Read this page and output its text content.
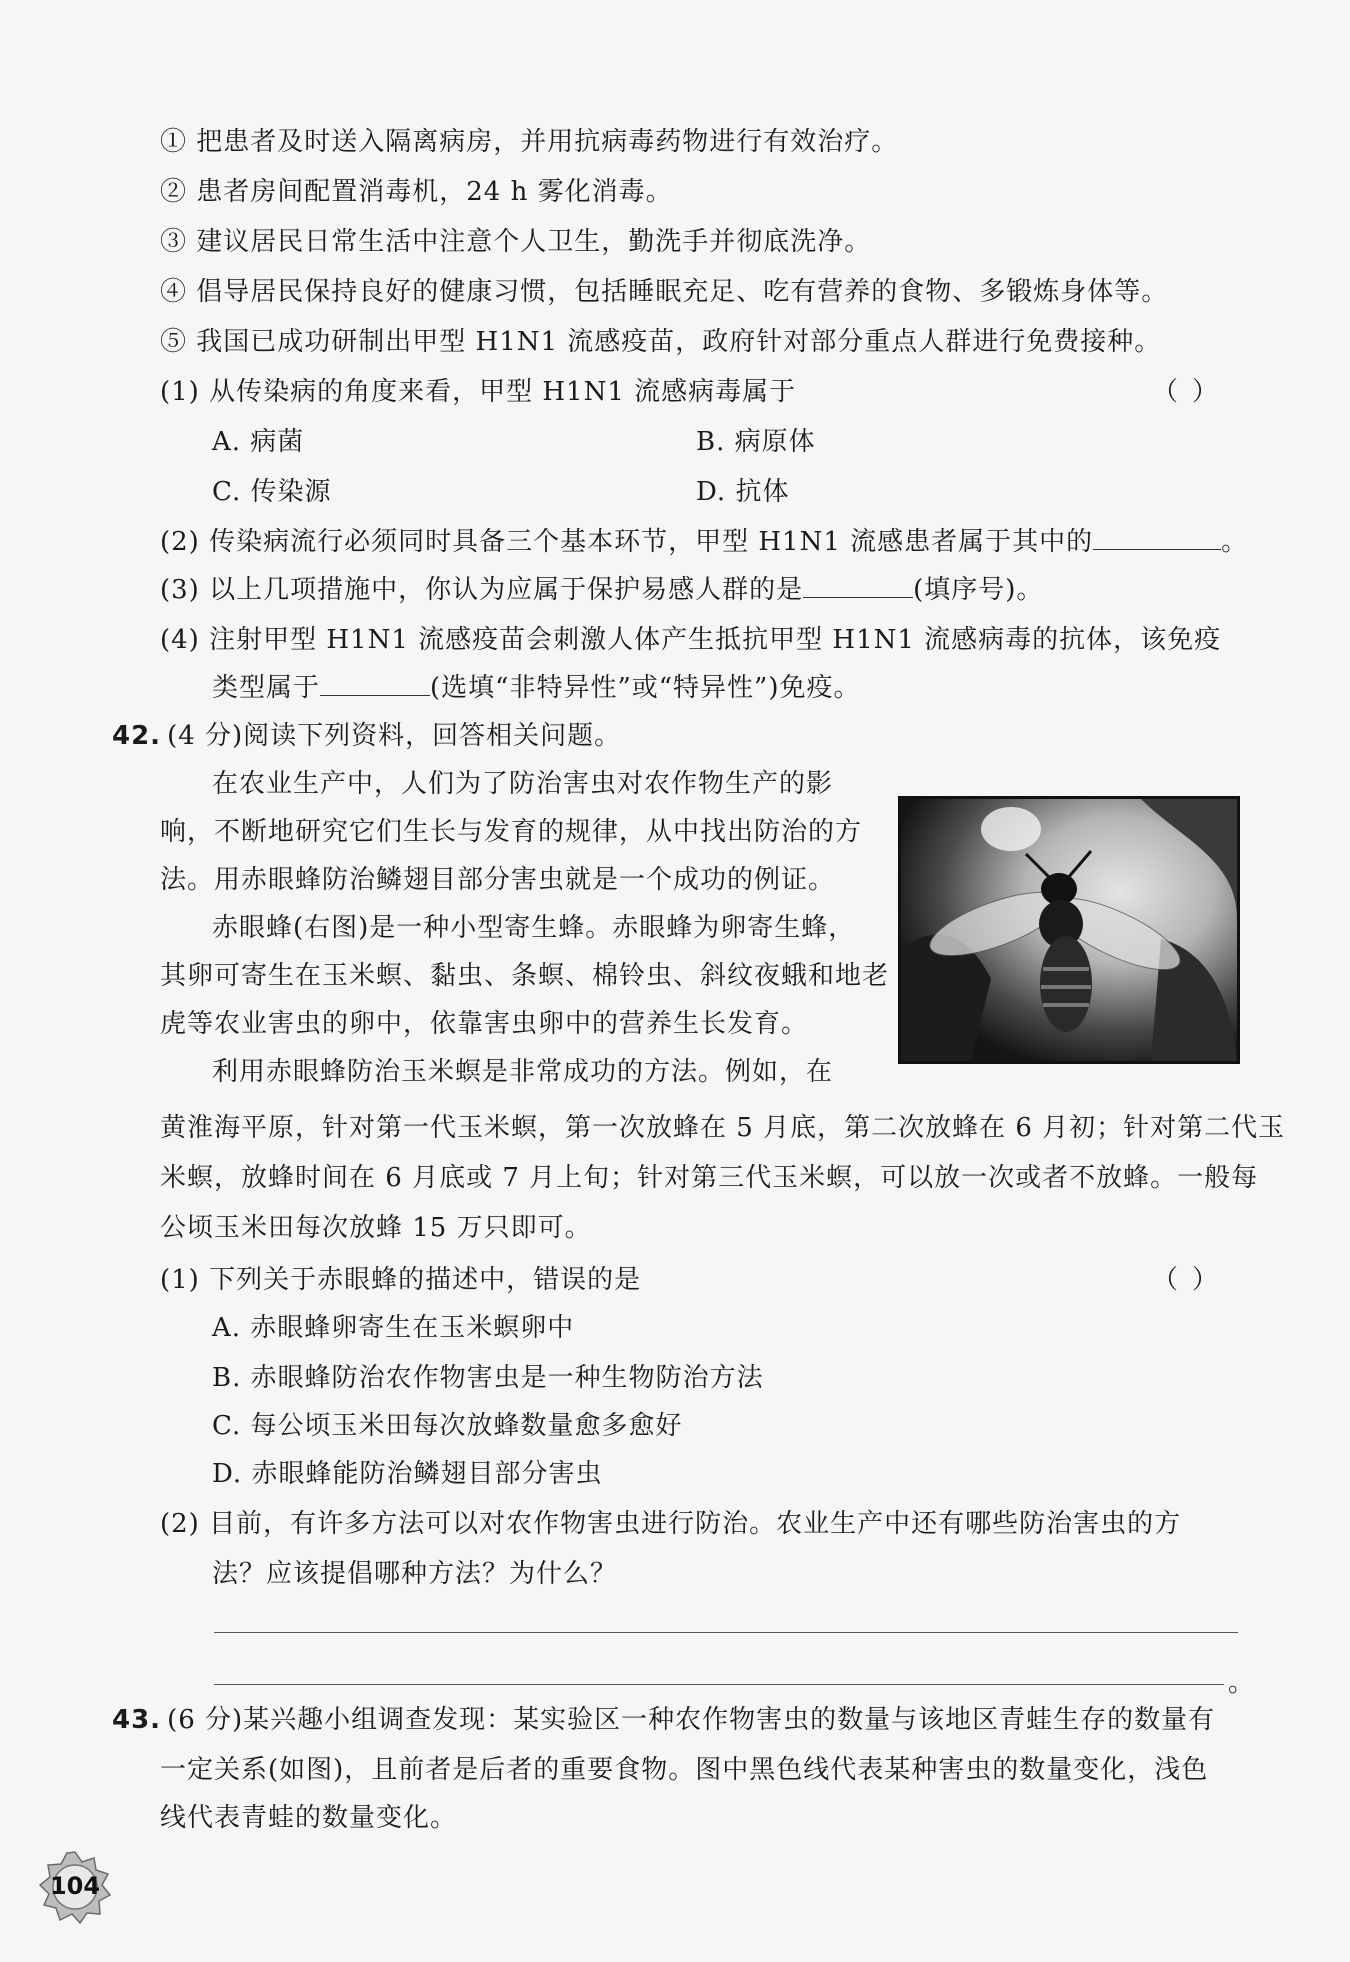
① 把患者及时送入隔离病房，并用抗病毒药物进行有效治疗。
② 患者房间配置消毒机，24 h 雾化消毒。
③ 建议居民日常生活中注意个人卫生，勤洗手并彻底洗净。
④ 倡导居民保持良好的健康习惯，包括睡眠充足、吃有营养的食物、多锻炼身体等。
⑤ 我国已成功研制出甲型 H1N1 流感疫苗，政府针对部分重点人群进行免费接种。
(1) 从传染病的角度来看，甲型 H1N1 流感病毒属于	（）
A. 病菌	B. 病原体
C. 传染源	D. 抗体
(2) 传染病流行必须同时具备三个基本环节，甲型 H1N1 流感患者属于其中的	。
(3) 以上几项措施中，你认为应属于保护易感人群的是	(填序号)。
(4) 注射甲型 H1N1 流感疫苗会刺激人体产生抵抗甲型 H1N1 流感病毒的抗体，该免疫
类型属于	(选填“非特异性”或“特异性”)免疫。
42. (4 分)阅读下列资料，回答相关问题。
在农业生产中，人们为了防治害虫对农作物生产的影
响，不断地研究它们生长与发育的规律，从中找出防治的方
法。用赤眼蜂防治鳞翅目部分害虫就是一个成功的例证。
赤眼蜂(右图)是一种小型寄生蜂。赤眼蜂为卵寄生蜂，
其卵可寄生在玉米螟、黏虫、条螟、棉铃虫、斜纹夜蛾和地老
虎等农业害虫的卵中，依靠害虫卵中的营养生长发育。
利用赤眼蜂防治玉米螟是非常成功的方法。例如，在
黄淮海平原，针对第一代玉米螟，第一次放蜂在 5 月底，第二次放蜂在 6 月初；针对第二代玉
米螟，放蜂时间在 6 月底或 7 月上旬；针对第三代玉米螟，可以放一次或者不放蜂。一般每
公顷玉米田每次放蜂 15 万只即可。
(1) 下列关于赤眼蜂的描述中，错误的是	（）
A. 赤眼蜂卵寄生在玉米螟卵中
B. 赤眼蜂防治农作物害虫是一种生物防治方法
C. 每公顷玉米田每次放蜂数量愈多愈好
D. 赤眼蜂能防治鳞翅目部分害虫
(2) 目前，有许多方法可以对农作物害虫进行防治。农业生产中还有哪些防治害虫的方
法？应该提倡哪种方法？为什么？
。
43. (6 分)某兴趣小组调查发现：某实验区一种农作物害虫的数量与该地区青蛙生存的数量有
一定关系(如图)，且前者是后者的重要食物。图中黑色线代表某种害虫的数量变化，浅色
线代表青蛙的数量变化。
104
